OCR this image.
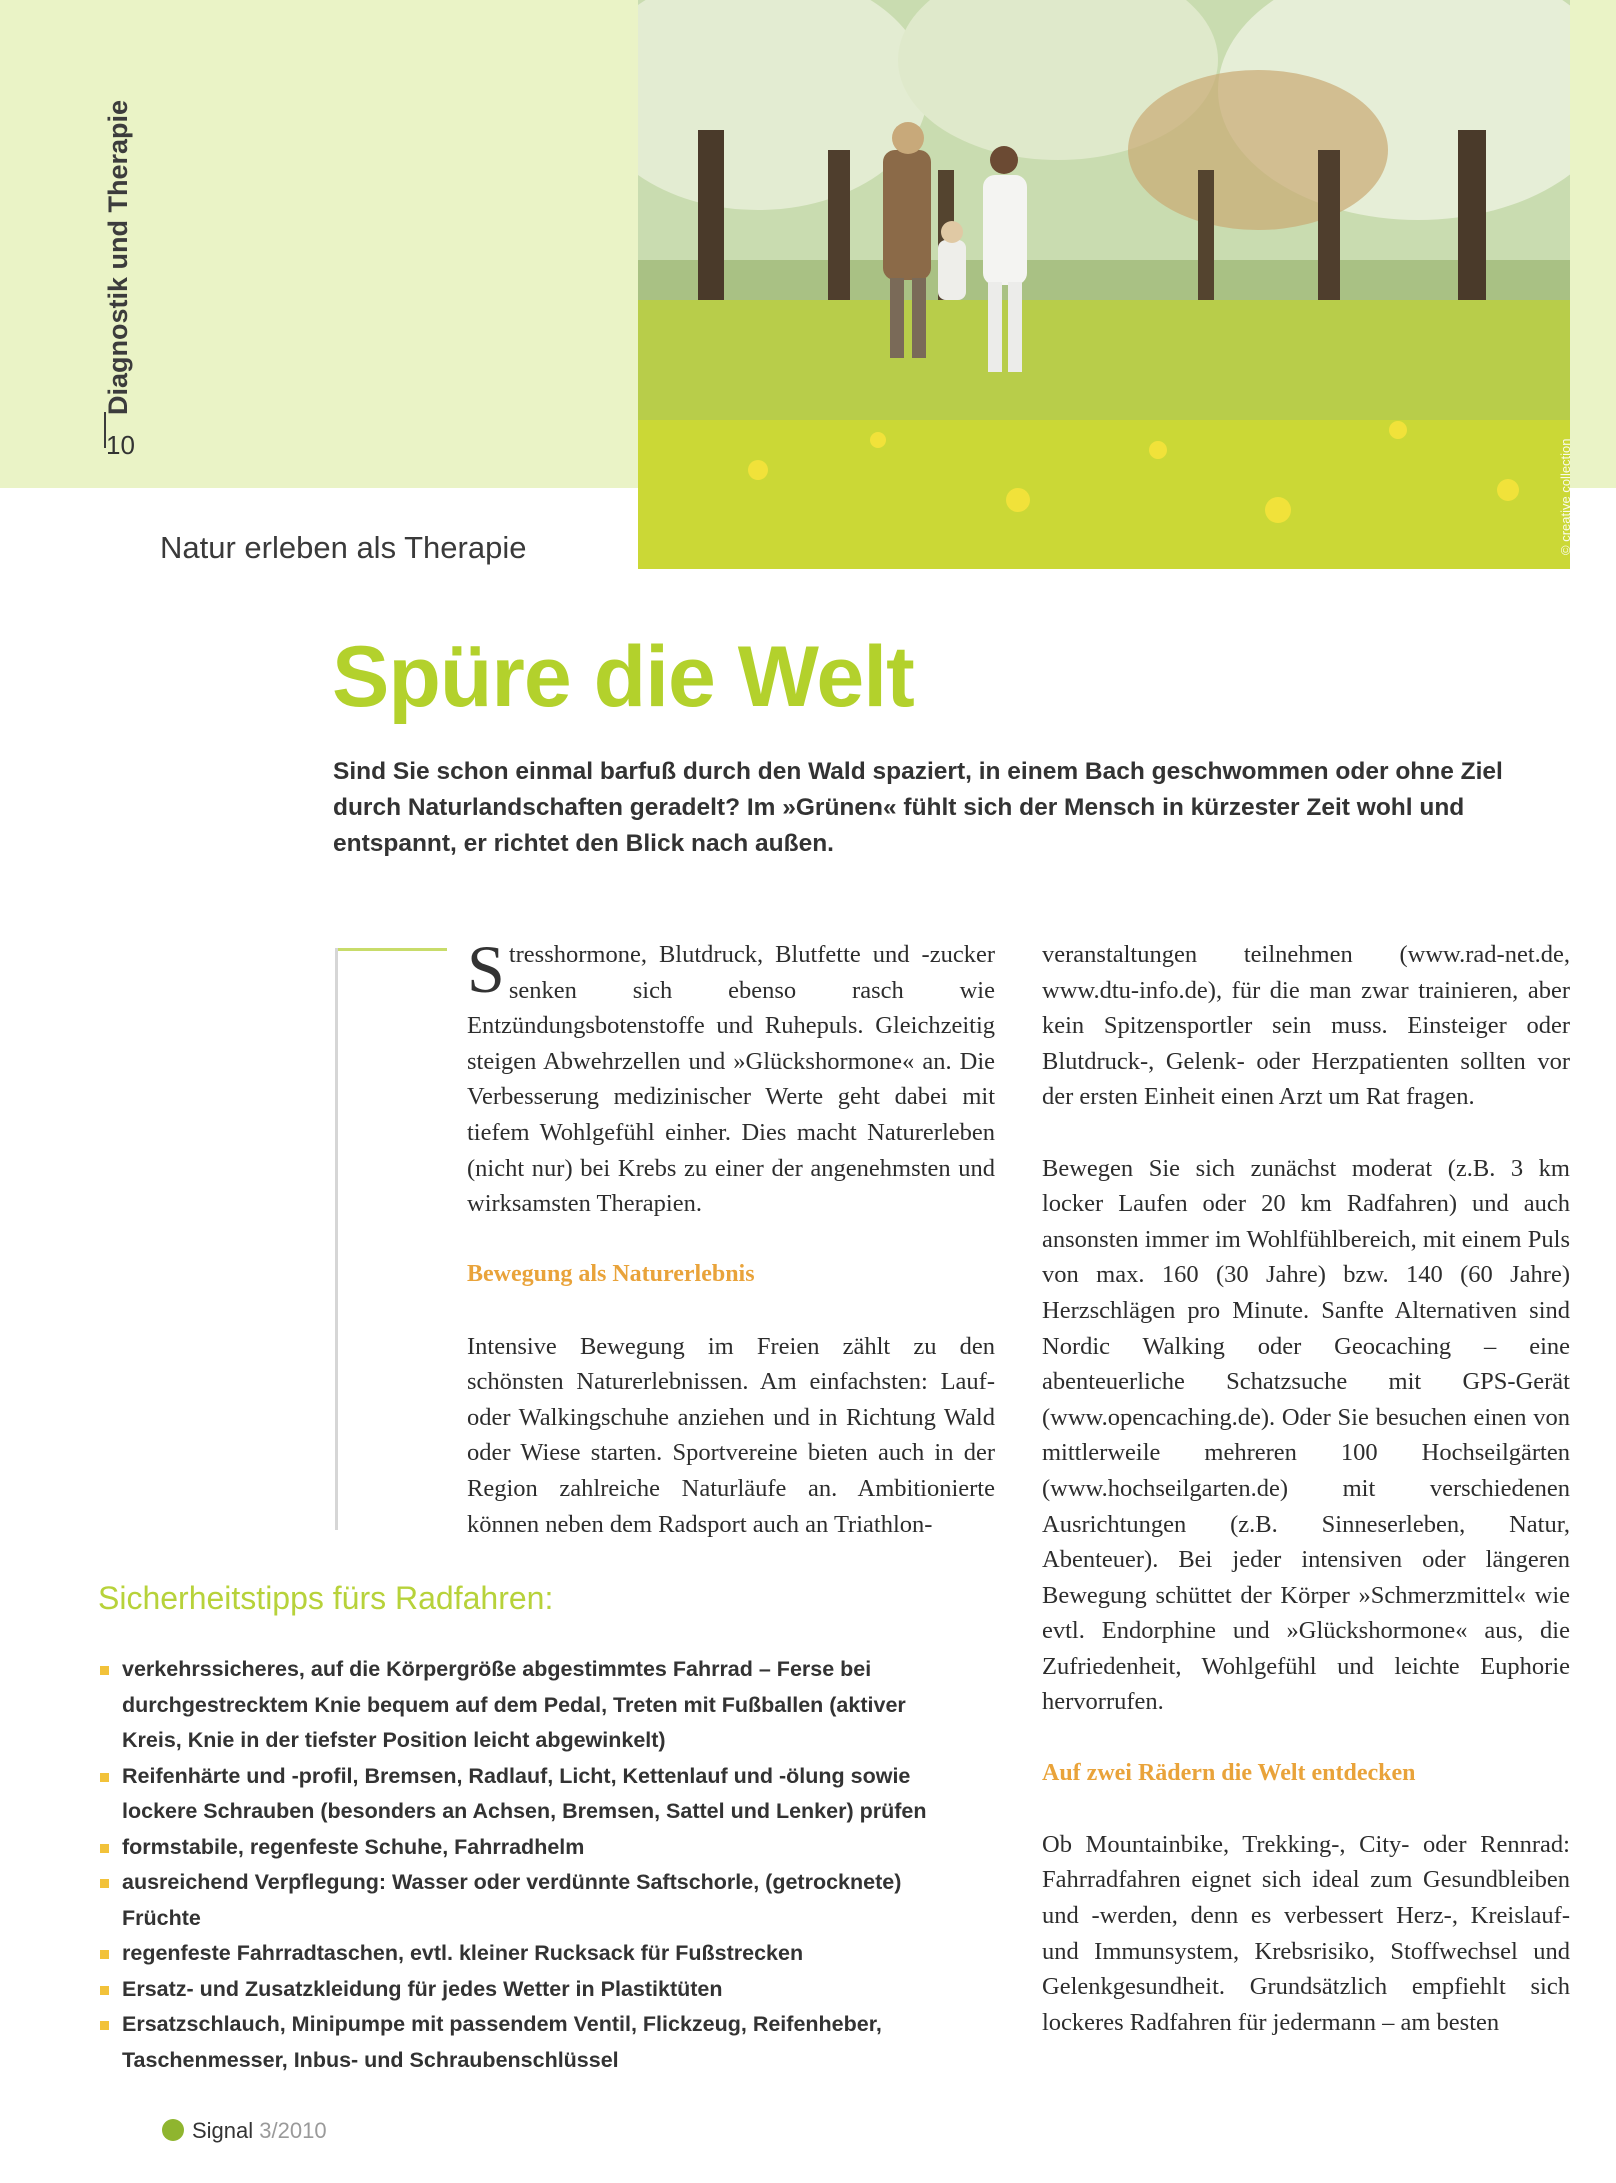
Diagnostik und Therapie
10	© creative collection
Natur erleben als Therapie
Spüre die Welt
Sind Sie schon einmal barfuß durch den Wald spaziert, in einem Bach geschwommen oder ohne Ziel durch Naturlandschaften geradelt? Im »Grünen« fühlt sich der Mensch in kürzester Zeit wohl und entspannt, er richtet den Blick nach außen.

Stresshormone, Blutdruck, Blutfette und -zucker senken sich ebenso rasch wie Entzündungsbotenstoffe und Ruhepuls. Gleichzeitig steigen Abwehrzellen und »Glückshormone« an. Die Verbesserung medizinischer Werte geht dabei mit tiefem Wohlgefühl einher. Dies macht Naturerleben (nicht nur) bei Krebs zu einer der angenehmsten und wirksamsten Therapien.

Bewegung als Naturerlebnis

Intensive Bewegung im Freien zählt zu den schönsten Naturerlebnissen. Am einfachsten: Lauf- oder Walkingschuhe anziehen und in Richtung Wald oder Wiese starten. Sportvereine bieten auch in der Region zahlreiche Naturläufe an. Ambitionierte können neben dem Radsport auch an Triathlon-

veranstaltungen teilnehmen (www.rad-net.de, www.dtu-info.de), für die man zwar trainieren, aber kein Spitzensportler sein muss. Einsteiger oder Blutdruck-, Gelenk- oder Herzpatienten sollten vor der ersten Einheit einen Arzt um Rat fragen.

Bewegen Sie sich zunächst moderat (z.B. 3 km locker Laufen oder 20 km Radfahren) und auch ansonsten immer im Wohlfühlbereich, mit einem Puls von max. 160 (30 Jahre) bzw. 140 (60 Jahre) Herzschlägen pro Minute. Sanfte Alternativen sind Nordic Walking oder Geocaching – eine abenteuerliche Schatzsuche mit GPS-Gerät (www.opencaching.de). Oder Sie besuchen einen von mittlerweile mehreren 100 Hochseilgärten (www.hochseilgarten.de) mit verschiedenen Ausrichtungen (z.B. Sinneserleben, Natur, Abenteuer). Bei jeder intensiven oder längeren Bewegung schüttet der Körper »Schmerzmittel« wie evtl. Endorphine und »Glückshormone« aus, die Zufriedenheit, Wohlgefühl und leichte Euphorie hervorrufen.

Auf zwei Rädern die Welt entdecken

Ob Mountainbike, Trekking-, City- oder Rennrad: Fahrradfahren eignet sich ideal zum Gesundbleiben und -werden, denn es verbessert Herz-, Kreislauf- und Immunsystem, Krebsrisiko, Stoffwechsel und Gelenkgesundheit. Grundsätzlich empfiehlt sich lockeres Radfahren für jedermann – am besten

Sicherheitstipps fürs Radfahren:
verkehrssicheres, auf die Körpergröße abgestimmtes Fahrrad – Ferse bei durchgestrecktem Knie bequem auf dem Pedal, Treten mit Fußballen (aktiver Kreis, Knie in der tiefster Position leicht abgewinkelt)
Reifenhärte und -profil, Bremsen, Radlauf, Licht, Kettenlauf und -ölung sowie lockere Schrauben (besonders an Achsen, Bremsen, Sattel und Lenker) prüfen
formstabile, regenfeste Schuhe, Fahrradhelm
ausreichend Verpflegung: Wasser oder verdünnte Saftschorle, (getrocknete) Früchte
regenfeste Fahrradtaschen, evtl. kleiner Rucksack für Fußstrecken
Ersatz- und Zusatzkleidung für jedes Wetter in Plastiktüten
Ersatzschlauch, Minipumpe mit passendem Ventil, Flickzeug, Reifenheber, Taschenmesser, Inbus- und Schraubenschlüssel
Signal 3/2010
